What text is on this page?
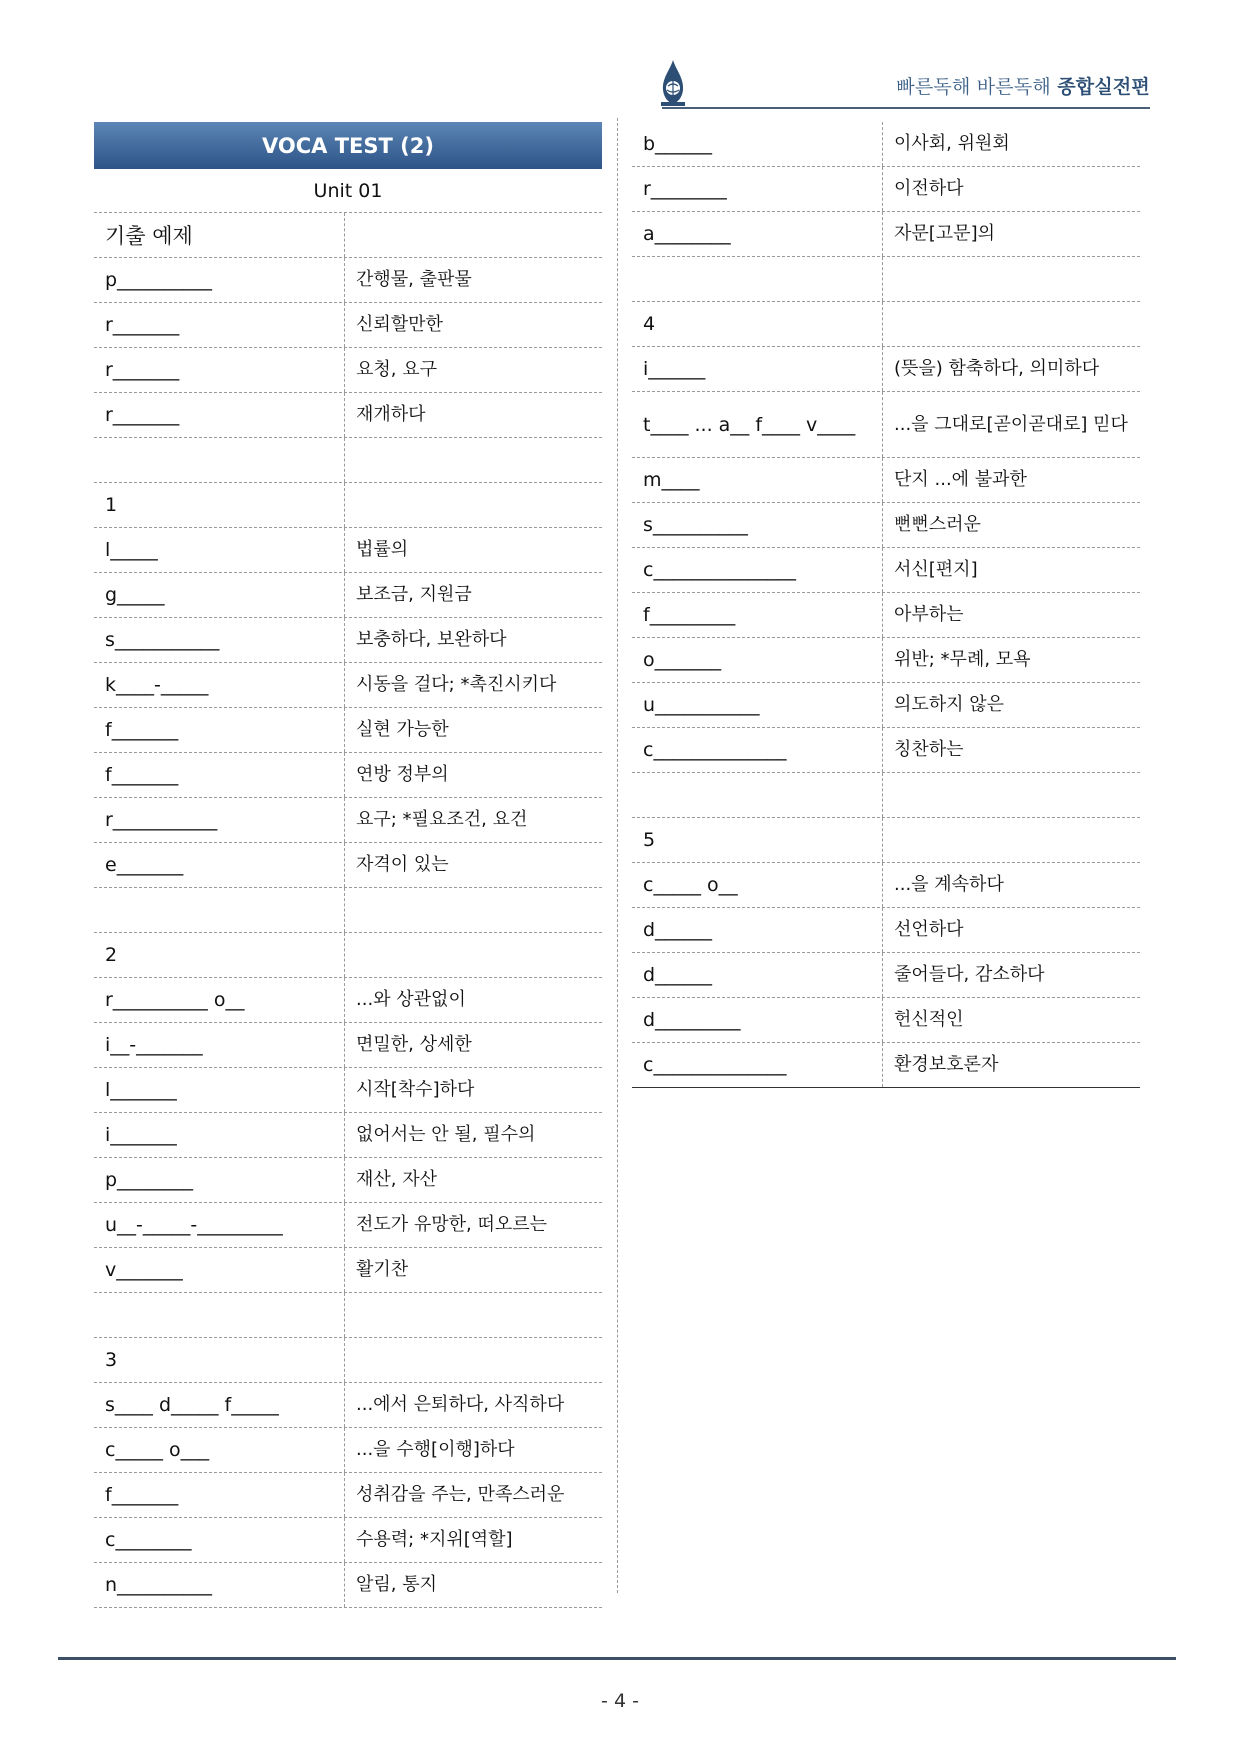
빠른독해 바른독해 종합실전편
VOCA TEST (2)
Unit 01
기출 예제
p__________	간행물, 출판물
r_______	신뢰할만한
r_______	요청, 요구
r_______	재개하다
1
l_____	법률의
g_____	보조금, 지원금
s___________	보충하다, 보완하다
k____-_____	시동을 걸다; *촉진시키다
f_______	실현 가능한
f_______	연방 정부의
r___________	요구; *필요조건, 요건
e_______	자격이 있는
2
r__________ o__	...와 상관없이
i__-_______	면밀한, 상세한
l_______	시작[착수]하다
i_______	없어서는 안 될, 필수의
p________	재산, 자산
u__-_____-_________	전도가 유망한, 떠오르는
v_______	활기찬
3
s____ d_____ f_____	...에서 은퇴하다, 사직하다
c_____ o___	...을 수행[이행]하다
f_______	성취감을 주는, 만족스러운
c________	수용력; *지위[역할]
n__________	알림, 통지
b______	이사회, 위원회
r________	이전하다
a________	자문[고문]의
4
i______	(뜻을) 함축하다, 의미하다
t____ ... a__ f____ v____	...을 그대로[곧이곧대로] 믿다
m____	단지 ...에 불과한
s__________	뻔뻔스러운
c_______________	서신[편지]
f_________	아부하는
o_______	위반; *무례, 모욕
u___________	의도하지 않은
c______________	칭찬하는
5
c_____ o__	...을 계속하다
d______	선언하다
d______	줄어들다, 감소하다
d_________	헌신적인
c______________	환경보호론자
- 4 -
